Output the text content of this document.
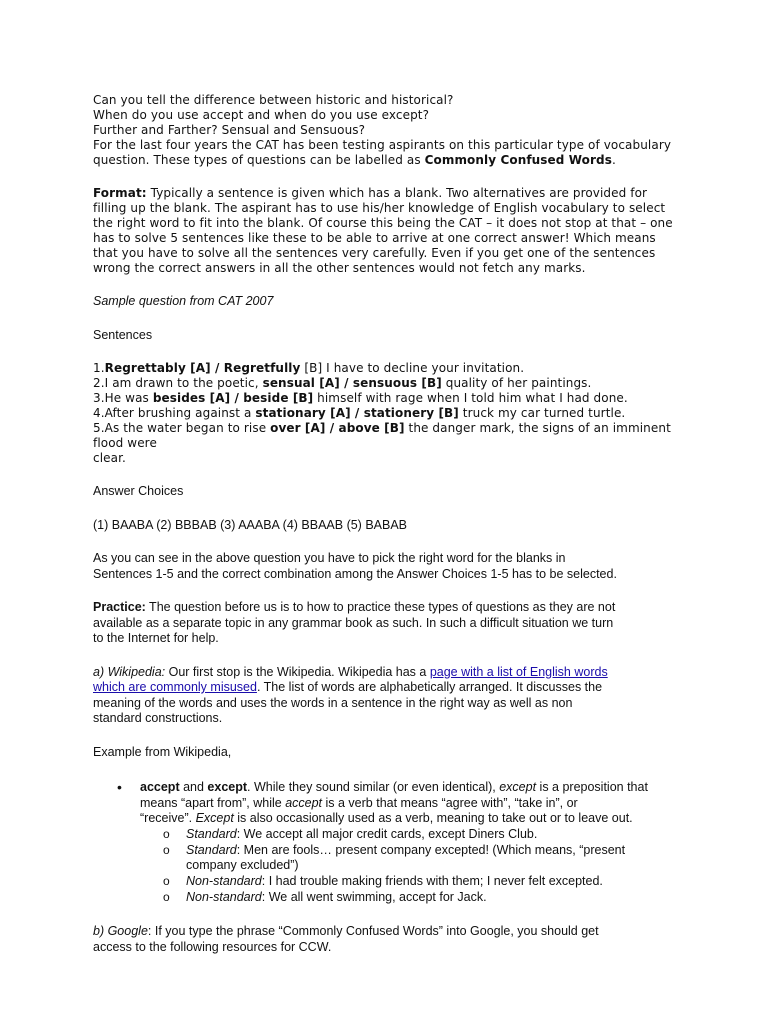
Can you tell the difference between historic and historical?
When do you use accept and when do you use except?
Further and Farther? Sensual and Sensuous?
For the last four years the CAT has been testing aspirants on this particular type of vocabulary
question. These types of questions can be labelled as Commonly Confused Words.

Format: Typically a sentence is given which has a blank. Two alternatives are provided for
filling up the blank. The aspirant has to use his/her knowledge of English vocabulary to select
the right word to fit into the blank. Of course this being the CAT – it does not stop at that – one
has to solve 5 sentences like these to be able to arrive at one correct answer! Which means
that you have to solve all the sentences very carefully. Even if you get one of the sentences
wrong the correct answers in all the other sentences would not fetch any marks.

Sample question from CAT 2007

Sentences

1.Regrettably [A] / Regretfully [B] I have to decline your invitation.
2.I am drawn to the poetic, sensual [A] / sensuous [B] quality of her paintings.
3.He was besides [A] / beside [B] himself with rage when I told him what I had done.
4.After brushing against a stationary [A] / stationery [B] truck my car turned turtle.
5.As the water began to rise over [A] / above [B] the danger mark, the signs of an imminent
flood were
clear.

Answer Choices

(1) BAABA (2) BBBAB (3) AAABA (4) BBAAB (5) BABAB

As you can see in the above question you have to pick the right word for the blanks in
Sentences 1-5 and the correct combination among the Answer Choices 1-5 has to be selected.

Practice: The question before us is to how to practice these types of questions as they are not
available as a separate topic in any grammar book as such. In such a difficult situation we turn
to the Internet for help.

a) Wikipedia: Our first stop is the Wikipedia. Wikipedia has a page with a list of English words
which are commonly misused. The list of words are alphabetically arranged. It discusses the
meaning of the words and uses the words in a sentence in the right way as well as non
standard constructions.

Example from Wikipedia,

• accept and except. While they sound similar (or even identical), except is a preposition that
means “apart from”, while accept is a verb that means “agree with”, “take in”, or
“receive”. Except is also occasionally used as a verb, meaning to take out or to leave out.
o Standard: We accept all major credit cards, except Diners Club.
o Standard: Men are fools… present company excepted! (Which means, “present
company excluded”)
o Non-standard: I had trouble making friends with them; I never felt excepted.
o Non-standard: We all went swimming, accept for Jack.

b) Google: If you type the phrase “Commonly Confused Words” into Google, you should get
access to the following resources for CCW.
